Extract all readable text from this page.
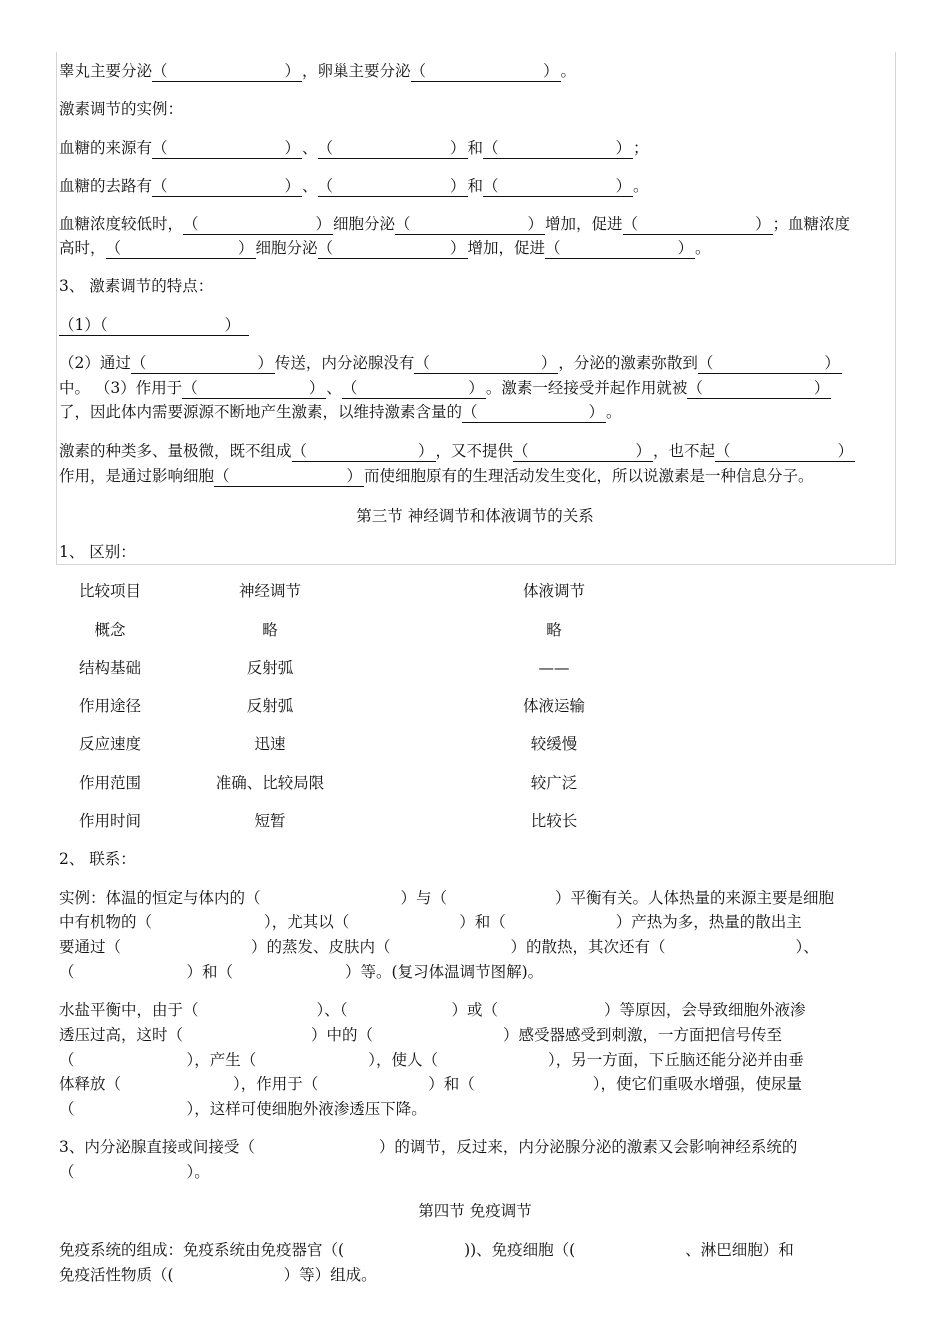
睾丸主要分泌（	） ，卵巢主要分泌（	） 。
激素调节的实例：
血糖的来源有（	） 、（	） 和（	） ；
血糖的去路有（	） 、（	） 和（	） 。
血糖浓度较低时，（	） 细胞分泌（	） 增加，促进（	） ；血糖浓度
高时，（	） 细胞分泌（	） 增加，促进（	） 。
3、 激素调节的特点：
（1）（	）
（2）通过（	） 传送，内分泌腺没有（	） ，分泌的激素弥散到（	）
中。 （3）作用于（	） 、（	） 。激素一经接受并起作用就被（	）
了，因此体内需要源源不断地产生激素，以维持激素含量的（	） 。
激素的种类多、量极微，既不组成（	） ，又不提供（	） ，也不起（	）
作用，是通过影响细胞（	） 而使细胞原有的生理活动发生变化，所以说激素是一种信息分子。
第三节 神经调节和体液调节的关系
1、 区别：
比较项目	神经调节	体液调节
概念	略	略
结构基础	反射弧	——
作用途径	反射弧	体液运输
反应速度	迅速	较缓慢
作用范围	准确、比较局限	较广泛
作用时间	短暂	比较长
2、 联系：
实例：体温的恒定与体内的（	）与（	）平衡有关。人体热量的来源主要是细胞
中有机物的（	），尤其以（	）和（	）产热为多，热量的散出主
要通过（	）的蒸发、皮肤内（	）的散热，其次还有（	）、
（	）和（	）等。(复习体温调节图解)。
水盐平衡中，由于（	）、（	）或（	）等原因，会导致细胞外液渗
透压过高，这时（	）中的（	）感受器感受到刺激，一方面把信号传至
（	），产生（	），使人（	），另一方面，下丘脑还能分泌并由垂
体释放（	），作用于（	）和（	），使它们重吸水增强，使尿量
（	），这样可使细胞外液渗透压下降。
3、内分泌腺直接或间接受（	）的调节，反过来，内分泌腺分泌的激素又会影响神经系统的
（	）。
第四节 免疫调节
免疫系统的组成：免疫系统由免疫器官（(	))、免疫细胞（(	、淋巴细胞）和
免疫活性物质（(	）等）组成。
